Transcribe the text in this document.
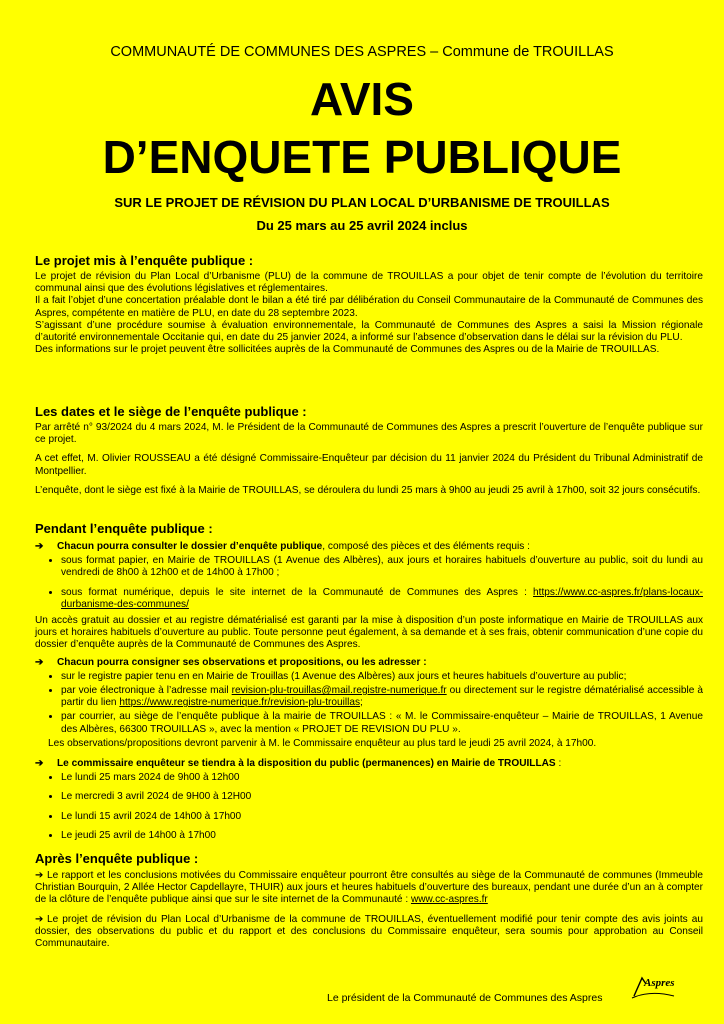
COMMUNAUTÉ DE COMMUNES DES ASPRES – Commune de TROUILLAS
AVIS
D’ENQUETE PUBLIQUE
SUR LE PROJET DE RÉVISION DU PLAN LOCAL D’URBANISME DE TROUILLAS
Du 25 mars au 25 avril 2024 inclus
Le projet mis à l’enquête publique :

Le projet de révision du Plan Local d’Urbanisme (PLU) de la commune de TROUILLAS a pour objet de tenir compte de l’évolution du territoire communal ainsi que des évolutions législatives et réglementaires.

Il a fait l’objet d’une concertation préalable dont le bilan a été tiré par délibération du Conseil Communautaire de la Communauté de Communes des Aspres, compétente en matière de PLU, en date du 28 septembre 2023.

S’agissant d’une procédure soumise à évaluation environnementale, la Communauté de Communes des Aspres a saisi la Mission régionale d’autorité environnementale Occitanie qui, en date du 25 janvier 2024, a informé sur l’absence d’observation dans le délai sur la révision du PLU.

Des informations sur le projet peuvent être sollicitées auprès de la Communauté de Communes des Aspres ou de la Mairie de TROUILLAS.

Les dates et le siège de l’enquête publique :

Par arrêté n° 93/2024 du 4 mars 2024, M. le Président de la Communauté de Communes des Aspres a prescrit l’ouverture de l’enquête publique sur ce projet.

A cet effet, M. Olivier ROUSSEAU a été désigné Commissaire-Enquêteur par décision du 11 janvier 2024 du Président du Tribunal Administratif de Montpellier.

L’enquête, dont le siège est fixé à la Mairie de TROUILLAS, se déroulera du lundi 25 mars à 9h00 au jeudi 25 avril à 17h00, soit 32 jours consécutifs.

Pendant l’enquête publique :
➔ Chacun pourra consulter le dossier d’enquête publique, composé des pièces et des éléments requis :
• sous format papier, en Mairie de TROUILLAS (1 Avenue des Albères), aux jours et horaires habituels d’ouverture au public, soit du lundi au vendredi de 8h00 à 12h00 et de 14h00 à 17h00 ;
• sous format numérique, depuis le site internet de la Communauté de Communes des Aspres : https://www.cc-aspres.fr/plans-locaux-durbanisme-des-communes/

Un accès gratuit au dossier et au registre dématérialisé est garanti par la mise à disposition d’un poste informatique en Mairie de TROUILLAS aux jours et horaires habituels d’ouverture au public. Toute personne peut également, à sa demande et à ses frais, obtenir communication d’une copie du dossier d’enquête auprès de la Communauté de Communes des Aspres.

➔ Chacun pourra consigner ses observations et propositions, ou les adresser :
• sur le registre papier tenu en en Mairie de Trouillas (1 Avenue des Albères) aux jours et heures habituels d’ouverture au public;
• par voie électronique à l’adresse mail revision-plu-trouillas@mail.registre-numerique.fr ou directement sur le registre dématérialisé accessible à partir du lien https://www.registre-numerique.fr/revision-plu-trouillas;
• par courrier, au siège de l’enquête publique à la mairie de TROUILLAS : « M. le Commissaire-enquêteur – Mairie de TROUILLAS, 1 Avenue des Albères, 66300 TROUILLAS », avec la mention « PROJET DE REVISION DU PLU ».

Les observations/propositions devront parvenir à M. le Commissaire enquêteur au plus tard le jeudi 25 avril 2024, à 17h00.

➔ Le commissaire enquêteur se tiendra à la disposition du public (permanences) en Mairie de TROUILLAS :
• Le lundi 25 mars 2024 de 9h00 à 12h00
• Le mercredi 3 avril 2024 de 9H00 à 12H00
• Le lundi 15 avril 2024 de 14h00 à 17h00
• Le jeudi 25 avril de 14h00 à 17h00
Après l’enquête publique :

➔ Le rapport et les conclusions motivées du Commissaire enquêteur pourront être consultés au siège de la Communauté de communes (Immeuble Christian Bourquin, 2 Allée Hector Capdellayre, THUIR) aux jours et heures habituels d’ouverture des bureaux, pendant une durée d’un an à compter de la clôture de l’enquête publique ainsi que sur le site internet de la Communauté : www.cc-aspres.fr

➔ Le projet de révision du Plan Local d’Urbanisme de la commune de TROUILLAS, éventuellement modifié pour tenir compte des avis joints au dossier, des observations du public et du rapport et des conclusions du Commissaire enquêteur, sera soumis pour approbation au Conseil Communautaire.

Le président de la Communauté de Communes des Aspres
Aspres
